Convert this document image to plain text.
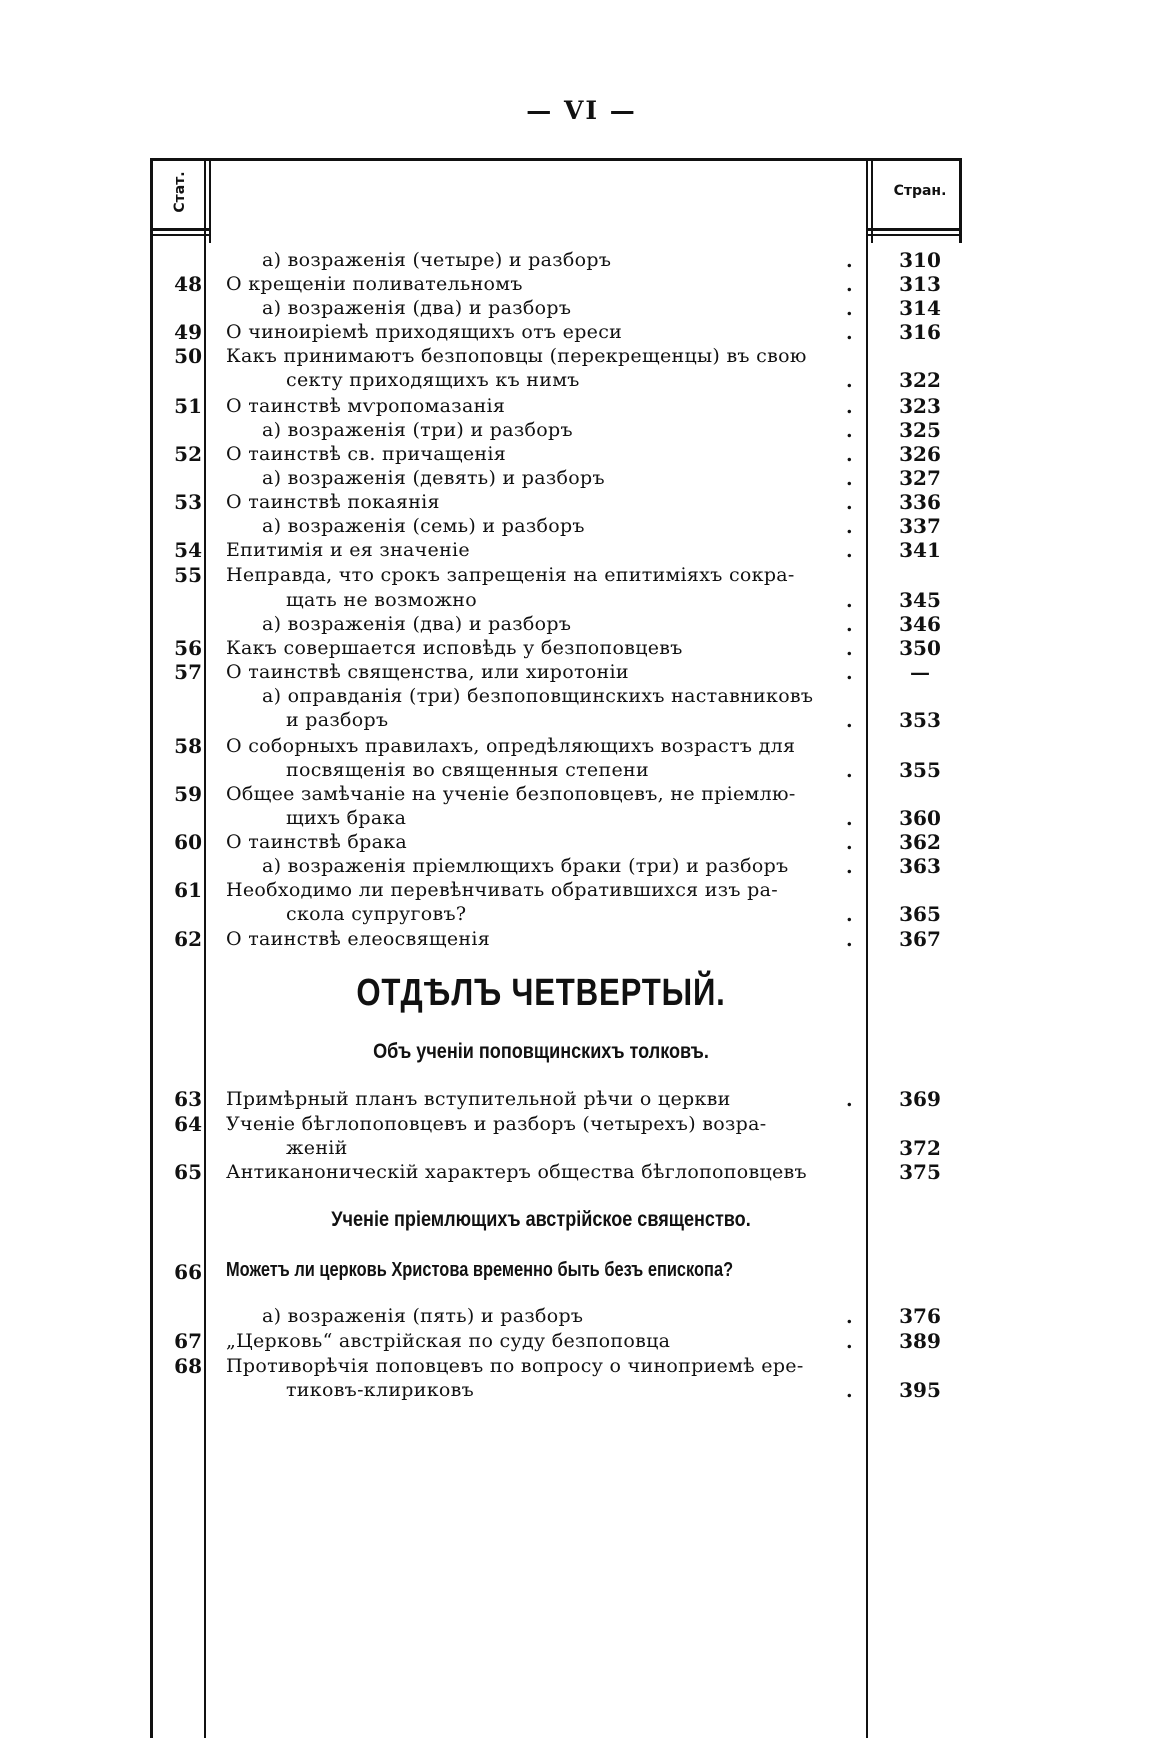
— VI —
Стат.	Стран.
а) возраженія (четыре) и разборъ	.	310
48 О крещеніи поливательномъ	.	313
а) возраженія (два) и разборъ	.	314
49 О чиноиріемѣ приходящихъ отъ ереси	.	316
50 Какъ принимаютъ безпоповцы (перекрещенцы) въ свою
секту приходящихъ къ нимъ	.	322
51 О таинствѣ мѵропомазанія	.	323
а) возраженія (три) и разборъ	.	325
52 О таинствѣ св. причащенія	.	326
а) возраженія (девять) и разборъ	.	327
53 О таинствѣ покаянія	.	336
а) возраженія (семь) и разборъ	.	337
54 Епитимія и ея значеніе	.	341
55 Неправда, что срокъ запрещенія на епитиміяхъ сокра-
щать не возможно	.	345
а) возраженія (два) и разборъ	.	346
56 Какъ совершается исповѣдь у безпоповцевъ	.	350
57 О таинствѣ священства, или хиротоніи	.	—
а) оправданія (три) безпоповщинскихъ наставниковъ
и разборъ	.	353
58 О соборныхъ правилахъ, опредѣляющихъ возрастъ для
посвященія во священныя степени	.	355
59 Общее замѣчаніе на ученіе безпоповцевъ, не пріемлю-
щихъ брака	.	360
60 О таинствѣ брака	.	362
а) возраженія пріемлющихъ браки (три) и разборъ	.	363
61 Необходимо ли перевѣнчивать обратившихся изъ ра-
скола супруговъ?	.	365
62 О таинствѣ елеосвященія	.	367
ОТДѢЛЪ ЧЕТВЕРТЫЙ.
Объ ученіи поповщинскихъ толковъ.
63 Примѣрный планъ вступительной рѣчи о церкви	.	369
64 Ученіе бѣглопоповцевъ и разборъ (четырехъ) возра-
женій	372
65 Антиканоническій характеръ общества бѣглопоповцевъ	375
Ученіе пріемлющихъ австрійское священство.
66 Можетъ ли церковь Христова временно быть безъ епископа?
а) возраженія (пять) и разборъ	.	376
67 „Церковь“ австрійская по суду безпоповца	.	389
68 Противорѣчія поповцевъ по вопросу о чиноприемѣ ере-
тиковъ-клириковъ	.	395
